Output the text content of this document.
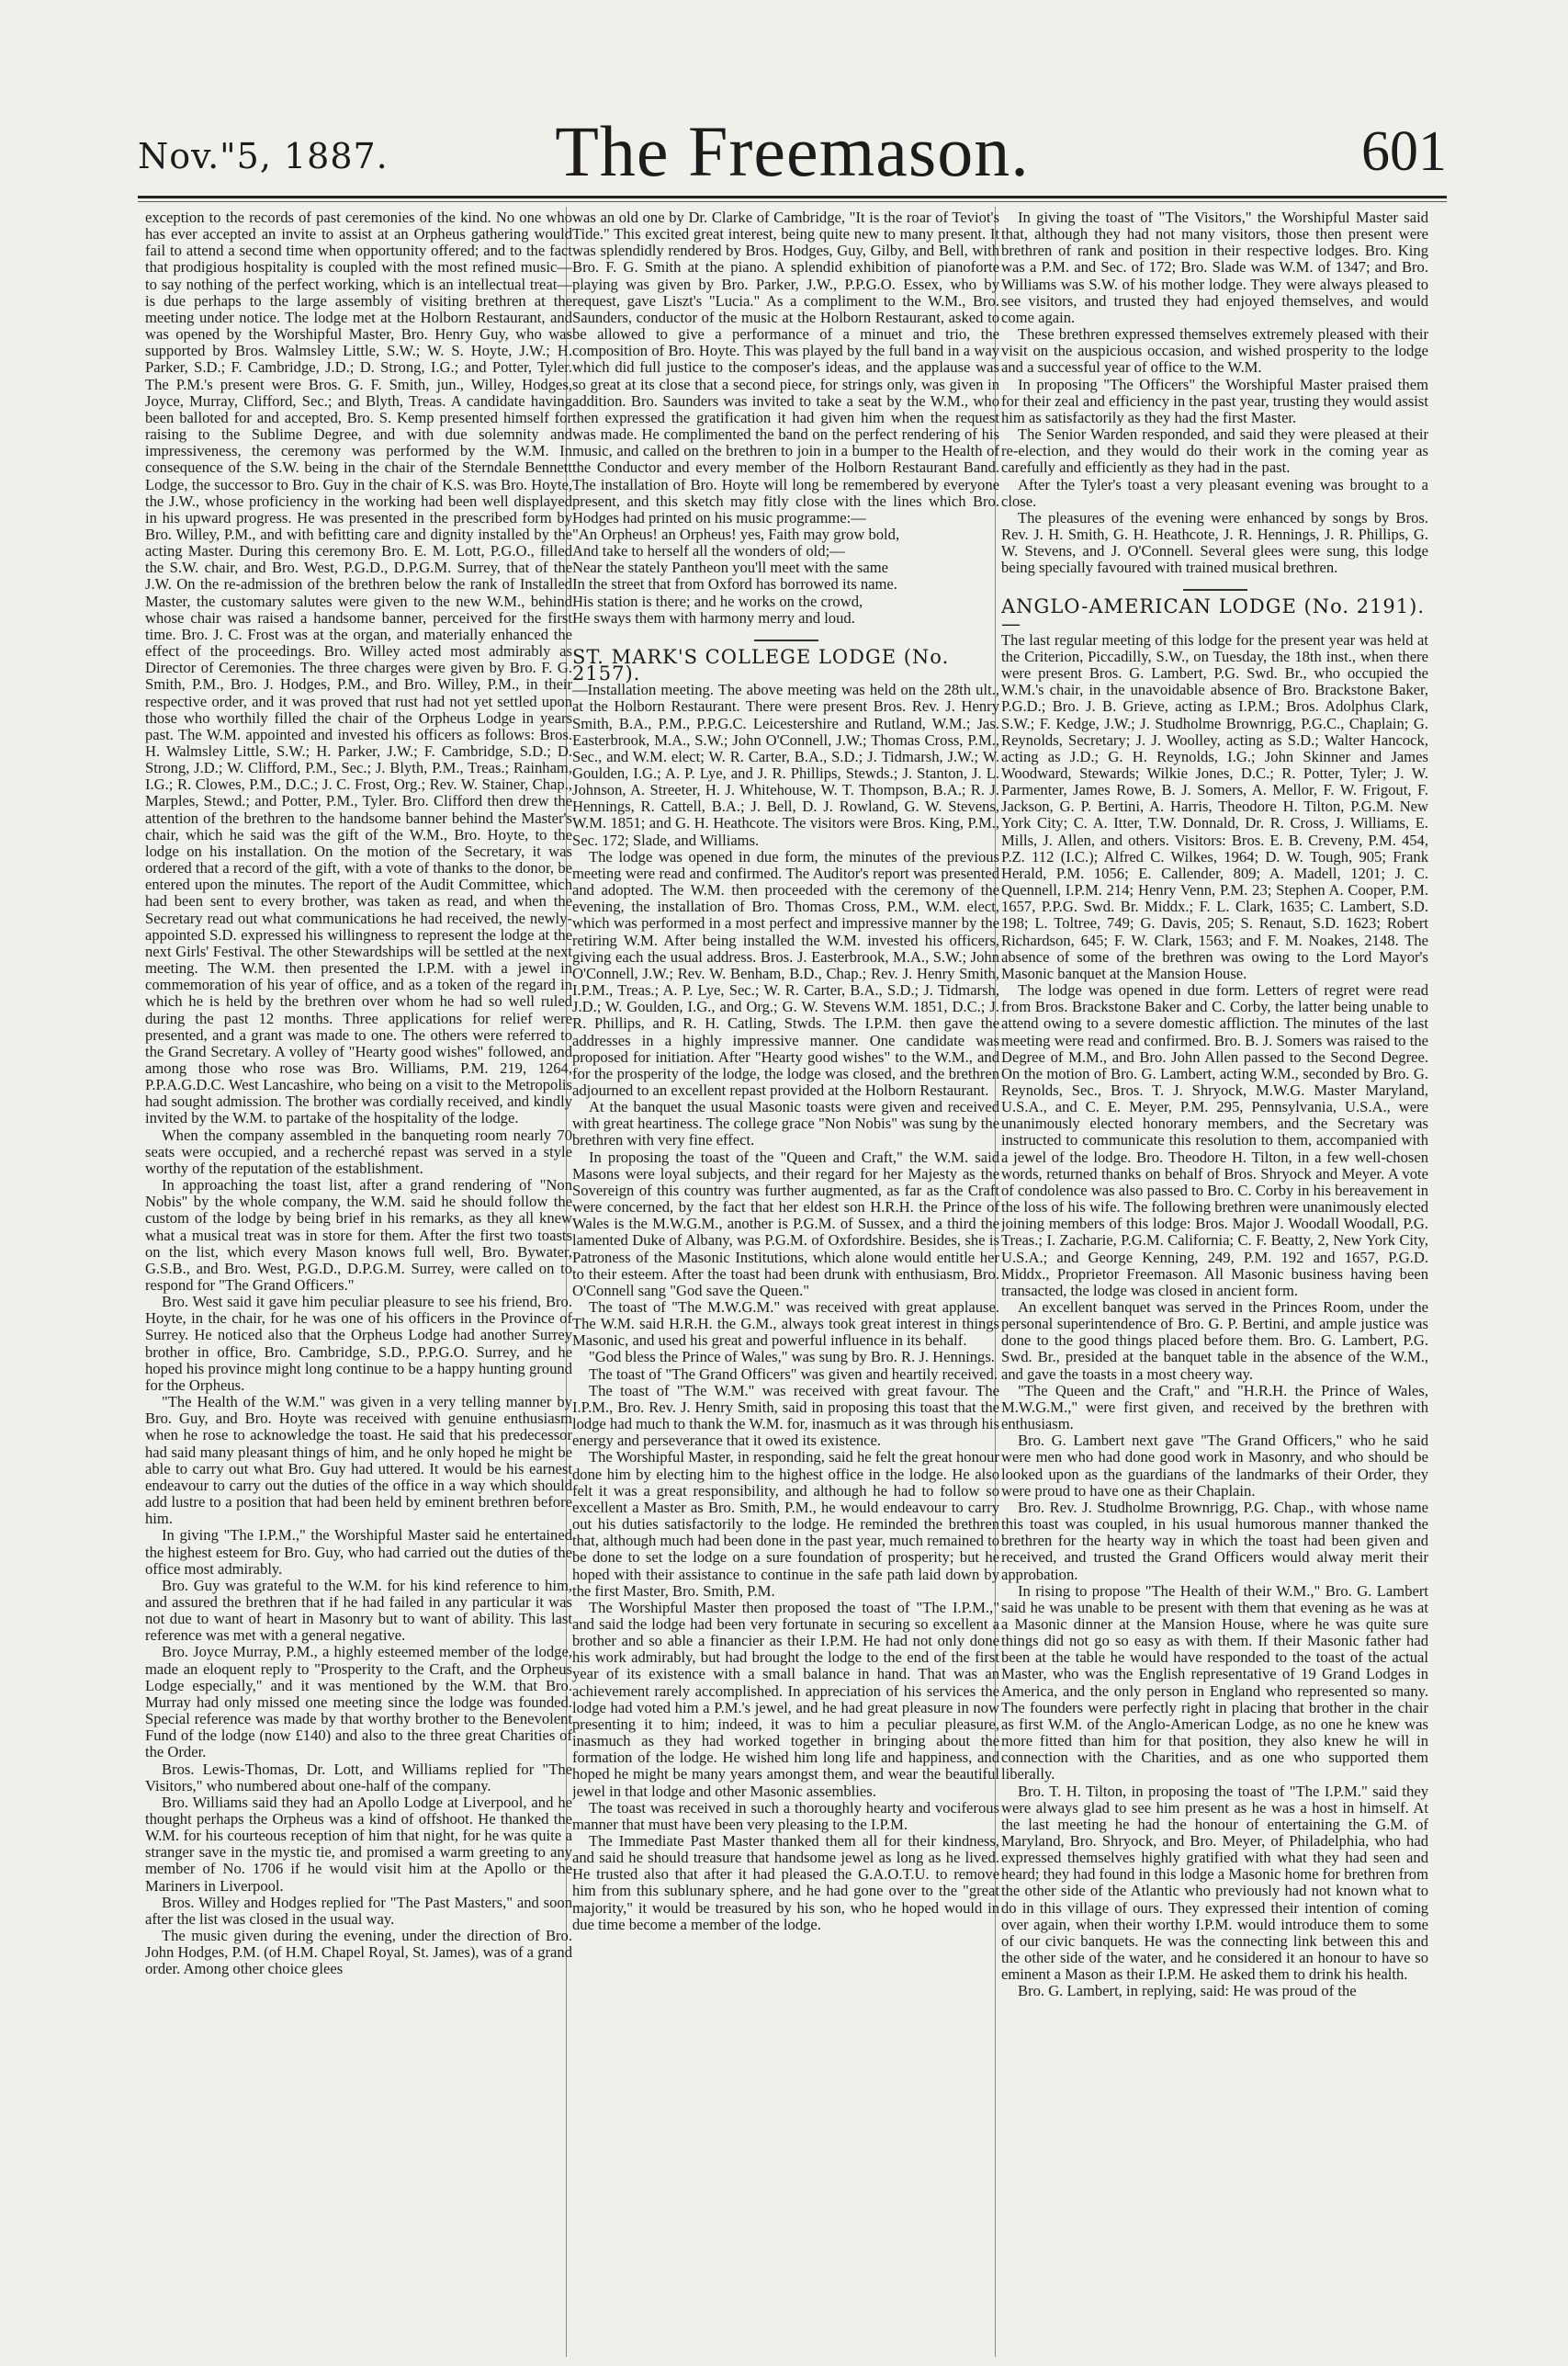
Nov."5, 1887.	The Freemason.	601

exception to the records of past ceremonies of the kind. No one who has ever accepted an invite to assist at an Orpheus gathering would fail to attend a second time when opportunity offered; and to the fact that prodigious hospitality is coupled with the most refined music—to say nothing of the perfect working, which is an intellectual treat—is due perhaps to the large assembly of visiting brethren at the meeting under notice. The lodge met at the Holborn Restaurant, and was opened by the Worshipful Master, Bro. Henry Guy, who was supported by Bros. Walmsley Little, S.W.; W. S. Hoyte, J.W.; H. Parker, S.D.; F. Cambridge, J.D.; D. Strong, I.G.; and Potter, Tyler. The P.M.'s present were Bros. G. F. Smith, jun., Willey, Hodges, Joyce, Murray, Clifford, Sec.; and Blyth, Treas. A candidate having been balloted for and accepted, Bro. S. Kemp presented himself for raising to the Sublime Degree, and with due solemnity and impressiveness, the ceremony was performed by the W.M. In consequence of the S.W. being in the chair of the Sterndale Bennett Lodge, the successor to Bro. Guy in the chair of K.S. was Bro. Hoyte, the J.W., whose proficiency in the working had been well displayed in his upward progress. He was presented in the prescribed form by Bro. Willey, P.M., and with befitting care and dignity installed by the acting Master. During this ceremony Bro. E. M. Lott, P.G.O., filled the S.W. chair, and Bro. West, P.G.D., D.P.G.M. Surrey, that of the J.W. On the re-admission of the brethren below the rank of Installed Master, the customary salutes were given to the new W.M., behind whose chair was raised a handsome banner, perceived for the first time. Bro. J. C. Frost was at the organ, and materially enhanced the effect of the proceedings. Bro. Willey acted most admirably as Director of Ceremonies. The three charges were given by Bro. F. G. Smith, P.M., Bro. J. Hodges, P.M., and Bro. Willey, P.M., in their respective order, and it was proved that rust had not yet settled upon those who worthily filled the chair of the Orpheus Lodge in years past. The W.M. appointed and invested his officers as follows: Bros. H. Walmsley Little, S.W.; H. Parker, J.W.; F. Cambridge, S.D.; D. Strong, J.D.; W. Clifford, P.M., Sec.; J. Blyth, P.M., Treas.; Rainham, I.G.; R. Clowes, P.M., D.C.; J. C. Frost, Org.; Rev. W. Stainer, Chap., Marples, Stewd.; and Potter, P.M., Tyler. Bro. Clifford then drew the attention of the brethren to the handsome banner behind the Master's chair, which he said was the gift of the W.M., Bro. Hoyte, to the lodge on his installation. On the motion of the Secretary, it was ordered that a record of the gift, with a vote of thanks to the donor, be entered upon the minutes. The report of the Audit Committee, which had been sent to every brother, was taken as read, and when the Secretary read out what communications he had received, the newly-appointed S.D. expressed his willingness to represent the lodge at the next Girls' Festival. The other Stewardships will be settled at the next meeting. The W.M. then presented the I.P.M. with a jewel in commemoration of his year of office, and as a token of the regard in which he is held by the brethren over whom he had so well ruled during the past 12 months. Three applications for relief were presented, and a grant was made to one. The others were referred to the Grand Secretary. A volley of "Hearty good wishes" followed, and among those who rose was Bro. Williams, P.M. 219, 1264, P.P.A.G.D.C. West Lancashire, who being on a visit to the Metropolis had sought admission. The brother was cordially received, and kindly invited by the W.M. to partake of the hospitality of the lodge.

When the company assembled in the banqueting room nearly 70 seats were occupied, and a recherché repast was served in a style worthy of the reputation of the establishment.

In approaching the toast list, after a grand rendering of "Non Nobis" by the whole company, the W.M. said he should follow the custom of the lodge by being brief in his remarks, as they all knew what a musical treat was in store for them. After the first two toasts on the list, which every Mason knows full well, Bro. Bywater, G.S.B., and Bro. West, P.G.D., D.P.G.M. Surrey, were called on to respond for "The Grand Officers."

Bro. West said it gave him peculiar pleasure to see his friend, Bro. Hoyte, in the chair, for he was one of his officers in the Province of Surrey. He noticed also that the Orpheus Lodge had another Surrey brother in office, Bro. Cambridge, S.D., P.P.G.O. Surrey, and he hoped his province might long continue to be a happy hunting ground for the Orpheus.

"The Health of the W.M." was given in a very telling manner by Bro. Guy, and Bro. Hoyte was received with genuine enthusiasm when he rose to acknowledge the toast. He said that his predecessor had said many pleasant things of him, and he only hoped he might be able to carry out what Bro. Guy had uttered. It would be his earnest endeavour to carry out the duties of the office in a way which should add lustre to a position that had been held by eminent brethren before him.

In giving "The I.P.M.," the Worshipful Master said he entertained the highest esteem for Bro. Guy, who had carried out the duties of the office most admirably.

Bro. Guy was grateful to the W.M. for his kind reference to him, and assured the brethren that if he had failed in any particular it was not due to want of heart in Masonry but to want of ability. This last reference was met with a general negative.

Bro. Joyce Murray, P.M., a highly esteemed member of the lodge, made an eloquent reply to "Prosperity to the Craft, and the Orpheus Lodge especially," and it was mentioned by the W.M. that Bro. Murray had only missed one meeting since the lodge was founded. Special reference was made by that worthy brother to the Benevolent Fund of the lodge (now £140) and also to the three great Charities of the Order.

Bros. Lewis-Thomas, Dr. Lott, and Williams replied for "The Visitors," who numbered about one-half of the company.

Bro. Williams said they had an Apollo Lodge at Liverpool, and he thought perhaps the Orpheus was a kind of offshoot. He thanked the W.M. for his courteous reception of him that night, for he was quite a stranger save in the mystic tie, and promised a warm greeting to any member of No. 1706 if he would visit him at the Apollo or the Mariners in Liverpool.

Bros. Willey and Hodges replied for "The Past Masters," and soon after the list was closed in the usual way.

The music given during the evening, under the direction of Bro. John Hodges, P.M. (of H.M. Chapel Royal, St. James), was of a grand order. Among other choice glees

was an old one by Dr. Clarke of Cambridge, "It is the roar of Teviot's Tide." This excited great interest, being quite new to many present. It was splendidly rendered by Bros. Hodges, Guy, Gilby, and Bell, with Bro. F. G. Smith at the piano. A splendid exhibition of pianoforte playing was given by Bro. Parker, J.W., P.P.G.O. Essex, who by request, gave Liszt's "Lucia." As a compliment to the W.M., Bro. Saunders, conductor of the music at the Holborn Restaurant, asked to be allowed to give a performance of a minuet and trio, the composition of Bro. Hoyte. This was played by the full band in a way which did full justice to the composer's ideas, and the applause was so great at its close that a second piece, for strings only, was given in addition. Bro. Saunders was invited to take a seat by the W.M., who then expressed the gratification it had given him when the request was made. He complimented the band on the perfect rendering of his music, and called on the brethren to join in a bumper to the Health of the Conductor and every member of the Holborn Restaurant Band. The installation of Bro. Hoyte will long be remembered by everyone present, and this sketch may fitly close with the lines which Bro. Hodges had printed on his music programme:—

"An Orpheus! an Orpheus! yes, Faith may grow bold,

And take to herself all the wonders of old;—

Near the stately Pantheon you'll meet with the same

In the street that from Oxford has borrowed its name.

His station is there; and he works on the crowd,

He sways them with harmony merry and loud.

ST. MARK'S COLLEGE LODGE (No. 2157).

—Installation meeting. The above meeting was held on the 28th ult., at the Holborn Restaurant. There were present Bros. Rev. J. Henry Smith, B.A., P.M., P.P.G.C. Leicestershire and Rutland, W.M.; Jas. Easterbrook, M.A., S.W.; John O'Connell, J.W.; Thomas Cross, P.M., Sec., and W.M. elect; W. R. Carter, B.A., S.D.; J. Tidmarsh, J.W.; W. Goulden, I.G.; A. P. Lye, and J. R. Phillips, Stewds.; J. Stanton, J. L. Johnson, A. Streeter, H. J. Whitehouse, W. T. Thompson, B.A.; R. J. Hennings, R. Cattell, B.A.; J. Bell, D. J. Rowland, G. W. Stevens, W.M. 1851; and G. H. Heathcote. The visitors were Bros. King, P.M., Sec. 172; Slade, and Williams.

The lodge was opened in due form, the minutes of the previous meeting were read and confirmed. The Auditor's report was presented and adopted. The W.M. then proceeded with the ceremony of the evening, the installation of Bro. Thomas Cross, P.M., W.M. elect, which was performed in a most perfect and impressive manner by the retiring W.M. After being installed the W.M. invested his officers, giving each the usual address. Bros. J. Easterbrook, M.A., S.W.; John O'Connell, J.W.; Rev. W. Benham, B.D., Chap.; Rev. J. Henry Smith, I.P.M., Treas.; A. P. Lye, Sec.; W. R. Carter, B.A., S.D.; J. Tidmarsh, J.D.; W. Goulden, I.G., and Org.; G. W. Stevens W.M. 1851, D.C.; J. R. Phillips, and R. H. Catling, Stwds. The I.P.M. then gave the addresses in a highly impressive manner. One candidate was proposed for initiation. After "Hearty good wishes" to the W.M., and for the prosperity of the lodge, the lodge was closed, and the brethren adjourned to an excellent repast provided at the Holborn Restaurant.

At the banquet the usual Masonic toasts were given and received with great heartiness. The college grace "Non Nobis" was sung by the brethren with very fine effect.

In proposing the toast of the "Queen and Craft," the W.M. said Masons were loyal subjects, and their regard for her Majesty as the Sovereign of this country was further augmented, as far as the Craft were concerned, by the fact that her eldest son H.R.H. the Prince of Wales is the M.W.G.M., another is P.G.M. of Sussex, and a third the lamented Duke of Albany, was P.G.M. of Oxfordshire. Besides, she is Patroness of the Masonic Institutions, which alone would entitle her to their esteem. After the toast had been drunk with enthusiasm, Bro. O'Connell sang "God save the Queen."

The toast of "The M.W.G.M." was received with great applause. The W.M. said H.R.H. the G.M., always took great interest in things Masonic, and used his great and powerful influence in its behalf.

"God bless the Prince of Wales," was sung by Bro. R. J. Hennings.

The toast of "The Grand Officers" was given and heartily received.

The toast of "The W.M." was received with great favour. The I.P.M., Bro. Rev. J. Henry Smith, said in proposing this toast that the lodge had much to thank the W.M. for, inasmuch as it was through his energy and perseverance that it owed its existence.

The Worshipful Master, in responding, said he felt the great honour done him by electing him to the highest office in the lodge. He also felt it was a great responsibility, and although he had to follow so excellent a Master as Bro. Smith, P.M., he would endeavour to carry out his duties satisfactorily to the lodge. He reminded the brethren that, although much had been done in the past year, much remained to be done to set the lodge on a sure foundation of prosperity; but he hoped with their assistance to continue in the safe path laid down by the first Master, Bro. Smith, P.M.

The Worshipful Master then proposed the toast of "The I.P.M.," and said the lodge had been very fortunate in securing so excellent a brother and so able a financier as their I.P.M. He had not only done his work admirably, but had brought the lodge to the end of the first year of its existence with a small balance in hand. That was an achievement rarely accomplished. In appreciation of his services the lodge had voted him a P.M.'s jewel, and he had great pleasure in now presenting it to him; indeed, it was to him a peculiar pleasure, inasmuch as they had worked together in bringing about the formation of the lodge. He wished him long life and happiness, and hoped he might be many years amongst them, and wear the beautiful jewel in that lodge and other Masonic assemblies.

The toast was received in such a thoroughly hearty and vociferous manner that must have been very pleasing to the I.P.M.

The Immediate Past Master thanked them all for their kindness, and said he should treasure that handsome jewel as long as he lived. He trusted also that after it had pleased the G.A.O.T.U. to remove him from this sublunary sphere, and he had gone over to the "great majority," it would be treasured by his son, who he hoped would in due time become a member of the lodge.

In giving the toast of "The Visitors," the Worshipful Master said that, although they had not many visitors, those then present were brethren of rank and position in their respective lodges. Bro. King was a P.M. and Sec. of 172; Bro. Slade was W.M. of 1347; and Bro. Williams was S.W. of his mother lodge. They were always pleased to see visitors, and trusted they had enjoyed themselves, and would come again.

These brethren expressed themselves extremely pleased with their visit on the auspicious occasion, and wished prosperity to the lodge and a successful year of office to the W.M.

In proposing "The Officers" the Worshipful Master praised them for their zeal and efficiency in the past year, trusting they would assist him as satisfactorily as they had the first Master.

The Senior Warden responded, and said they were pleased at their re-election, and they would do their work in the coming year as carefully and efficiently as they had in the past.

After the Tyler's toast a very pleasant evening was brought to a close.

The pleasures of the evening were enhanced by songs by Bros. Rev. J. H. Smith, G. H. Heathcote, J. R. Hennings, J. R. Phillips, G. W. Stevens, and J. O'Connell. Several glees were sung, this lodge being specially favoured with trained musical brethren.

ANGLO-AMERICAN LODGE (No. 2191).—

The last regular meeting of this lodge for the present year was held at the Criterion, Piccadilly, S.W., on Tuesday, the 18th inst., when there were present Bros. G. Lambert, P.G. Swd. Br., who occupied the W.M.'s chair, in the unavoidable absence of Bro. Brackstone Baker, P.G.D.; Bro. J. B. Grieve, acting as I.P.M.; Bros. Adolphus Clark, S.W.; F. Kedge, J.W.; J. Studholme Brownrigg, P.G.C., Chaplain; G. Reynolds, Secretary; J. J. Woolley, acting as S.D.; Walter Hancock, acting as J.D.; G. H. Reynolds, I.G.; John Skinner and James Woodward, Stewards; Wilkie Jones, D.C.; R. Potter, Tyler; J. W. Parmenter, James Rowe, B. J. Somers, A. Mellor, F. W. Frigout, F. Jackson, G. P. Bertini, A. Harris, Theodore H. Tilton, P.G.M. New York City; C. A. Itter, T.W. Donnald, Dr. R. Cross, J. Williams, E. Mills, J. Allen, and others. Visitors: Bros. E. B. Creveny, P.M. 454, P.Z. 112 (I.C.); Alfred C. Wilkes, 1964; D. W. Tough, 905; Frank Herald, P.M. 1056; E. Callender, 809; A. Madell, 1201; J. C. Quennell, I.P.M. 214; Henry Venn, P.M. 23; Stephen A. Cooper, P.M. 1657, P.P.G. Swd. Br. Middx.; F. L. Clark, 1635; C. Lambert, S.D. 198; L. Toltree, 749; G. Davis, 205; S. Renaut, S.D. 1623; Robert Richardson, 645; F. W. Clark, 1563; and F. M. Noakes, 2148. The absence of some of the brethren was owing to the Lord Mayor's Masonic banquet at the Mansion House.

The lodge was opened in due form. Letters of regret were read from Bros. Brackstone Baker and C. Corby, the latter being unable to attend owing to a severe domestic affliction. The minutes of the last meeting were read and confirmed. Bro. B. J. Somers was raised to the Degree of M.M., and Bro. John Allen passed to the Second Degree. On the motion of Bro. G. Lambert, acting W.M., seconded by Bro. G. Reynolds, Sec., Bros. T. J. Shryock, M.W.G. Master Maryland, U.S.A., and C. E. Meyer, P.M. 295, Pennsylvania, U.S.A., were unanimously elected honorary members, and the Secretary was instructed to communicate this resolution to them, accompanied with a jewel of the lodge. Bro. Theodore H. Tilton, in a few well-chosen words, returned thanks on behalf of Bros. Shryock and Meyer. A vote of condolence was also passed to Bro. C. Corby in his bereavement in the loss of his wife. The following brethren were unanimously elected joining members of this lodge: Bros. Major J. Woodall Woodall, P.G. Treas.; I. Zacharie, P.G.M. California; C. F. Beatty, 2, New York City, U.S.A.; and George Kenning, 249, P.M. 192 and 1657, P.G.D. Middx., Proprietor Freemason. All Masonic business having been transacted, the lodge was closed in ancient form.

An excellent banquet was served in the Princes Room, under the personal superintendence of Bro. G. P. Bertini, and ample justice was done to the good things placed before them. Bro. G. Lambert, P.G. Swd. Br., presided at the banquet table in the absence of the W.M., and gave the toasts in a most cheery way.

"The Queen and the Craft," and "H.R.H. the Prince of Wales, M.W.G.M.," were first given, and received by the brethren with enthusiasm.

Bro. G. Lambert next gave "The Grand Officers," who he said were men who had done good work in Masonry, and who should be looked upon as the guardians of the landmarks of their Order, they were proud to have one as their Chaplain.

Bro. Rev. J. Studholme Brownrigg, P.G. Chap., with whose name this toast was coupled, in his usual humorous manner thanked the brethren for the hearty way in which the toast had been given and received, and trusted the Grand Officers would alway merit their approbation.

In rising to propose "The Health of their W.M.," Bro. G. Lambert said he was unable to be present with them that evening as he was at a Masonic dinner at the Mansion House, where he was quite sure things did not go so easy as with them. If their Masonic father had been at the table he would have responded to the toast of the actual Master, who was the English representative of 19 Grand Lodges in America, and the only person in England who represented so many. The founders were perfectly right in placing that brother in the chair as first W.M. of the Anglo-American Lodge, as no one he knew was more fitted than him for that position, they also knew he will in connection with the Charities, and as one who supported them liberally.

Bro. T. H. Tilton, in proposing the toast of "The I.P.M." said they were always glad to see him present as he was a host in himself. At the last meeting he had the honour of entertaining the G.M. of Maryland, Bro. Shryock, and Bro. Meyer, of Philadelphia, who had expressed themselves highly gratified with what they had seen and heard; they had found in this lodge a Masonic home for brethren from the other side of the Atlantic who previously had not known what to do in this village of ours. They expressed their intention of coming over again, when their worthy I.P.M. would introduce them to some of our civic banquets. He was the connecting link between this and the other side of the water, and he considered it an honour to have so eminent a Mason as their I.P.M. He asked them to drink his health.

Bro. G. Lambert, in replying, said: He was proud of the
